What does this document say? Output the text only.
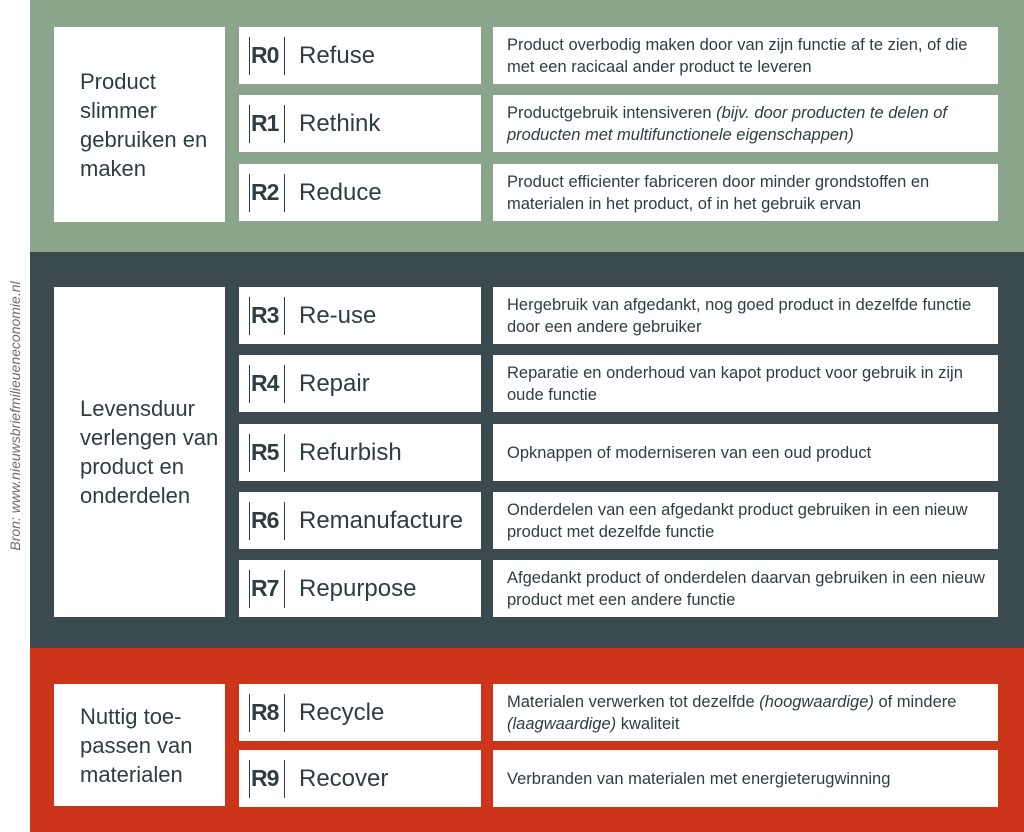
Bron: www.nieuwsbriefmilieueneconomie.nl
Product slimmer gebruiken en maken
R0 Refuse	Product overbodig maken door van zijn functie af te zien, of die met een racicaal ander product te leveren
R1 Rethink	Productgebruik intensiveren (bijv. door producten te delen of producten met multifunctionele eigenschappen)
R2 Reduce	Product efficienter fabriceren door minder grondstoffen en materialen in het product, of in het gebruik ervan
Levensduur verlengen van product en onderdelen
R3 Re-use	Hergebruik van afgedankt, nog goed product in dezelfde functie door een andere gebruiker
R4 Repair	Reparatie en onderhoud van kapot product voor gebruik in zijn oude functie
R5 Refurbish	Opknappen of moderniseren van een oud product
R6 Remanufacture	Onderdelen van een afgedankt product gebruiken in een nieuw product met dezelfde functie
R7 Repurpose	Afgedankt product of onderdelen daarvan gebruiken in een nieuw product met een andere functie
Nuttig toe-passen van materialen
R8 Recycle	Materialen verwerken tot dezelfde (hoogwaardige) of mindere (laagwaardige) kwaliteit
R9 Recover	Verbranden van materialen met energieterugwinning
